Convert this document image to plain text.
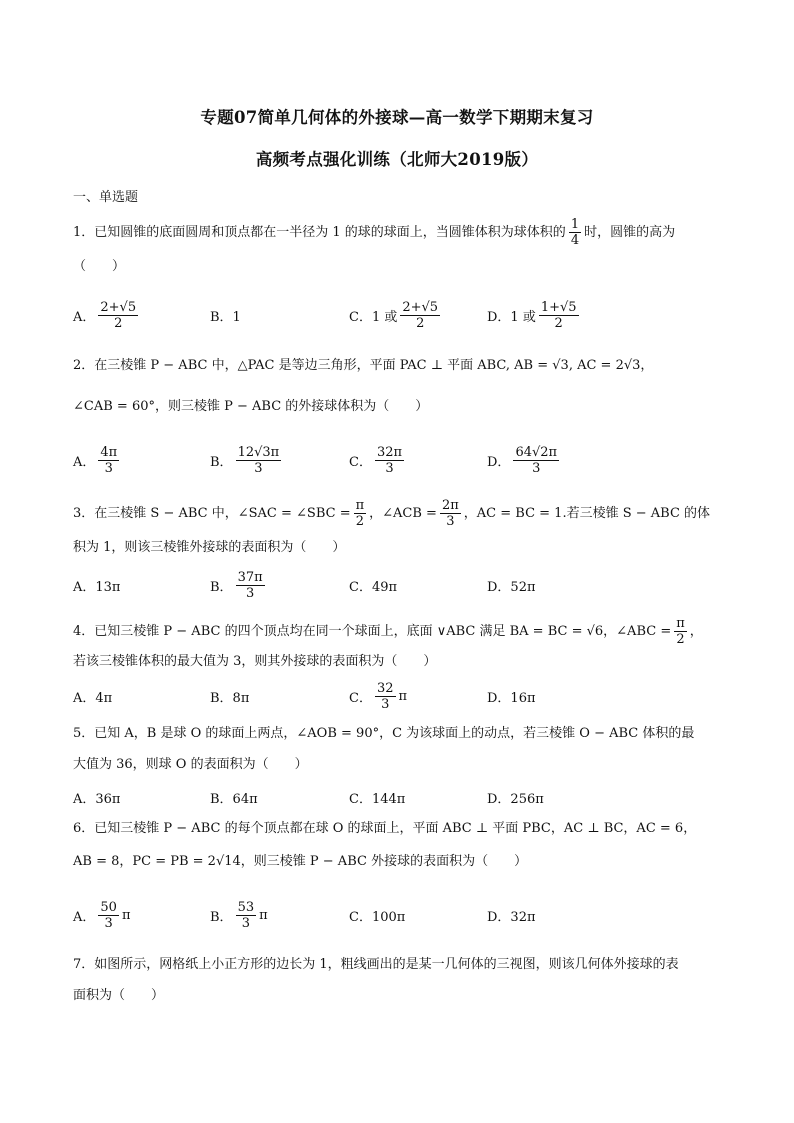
专题07简单几何体的外接球—高一数学下期期末复习
高频考点强化训练（北师大2019版）
一、单选题
1．已知圆锥的底面圆周和顶点都在一半径为 1 的球的球面上，当圆锥体积为球体积的 $\frac{1}{4}$ 时，圆锥的高为
（　　）
A． $\frac{2+√5}{2}$	B．1	C．1 或 $\frac{2+√5}{2}$	D．1 或 $\frac{1+√5}{2}$
2．在三棱锥 P − ABC 中，△PAC 是等边三角形，平面 PAC ⊥ 平面 ABC, AB = √3, AC = 2√3，
∠CAB = 60°，则三棱锥 P − ABC 的外接球体积为（　　）
A． $\frac{4\pi}{3}$	B． $\frac{12√3\pi}{3}$	C． $\frac{32\pi}{3}$	D． $\frac{64√2\pi}{3}$
3．在三棱锥 S − ABC 中，∠SAC = ∠SBC = $\frac{\pi}{2}$ ，∠ACB = $\frac{2\pi}{3}$ ，AC = BC = 1.若三棱锥 S − ABC 的体
积为 1，则该三棱锥外接球的表面积为（　　）
A．13π	B． $\frac{37\pi}{3}$	C．49π	D．52π
4．已知三棱锥 P − ABC 的四个顶点均在同一个球面上，底面 ∨ABC 满足 BA = BC = √6，∠ABC = $\frac{\pi}{2}$ ，
若该三棱锥体积的最大值为 3，则其外接球的表面积为（　　）
A．4π	B．8π	C． $\frac{32}{3}$ π	D．16π
5．已知 A，B 是球 O 的球面上两点，∠AOB = 90°，C 为该球面上的动点，若三棱锥 O − ABC 体积的最
大值为 36，则球 O 的表面积为（　　）
A．36π	B．64π	C．144π	D．256π
6．已知三棱锥 P − ABC 的每个顶点都在球 O 的球面上，平面 ABC ⊥ 平面 PBC，AC ⊥ BC，AC = 6，
AB = 8，PC = PB = 2√14，则三棱锥 P − ABC 外接球的表面积为（　　）
A． $\frac{50}{3}$ π	B． $\frac{53}{3}$ π	C．100π	D．32π
7．如图所示，网格纸上小正方形的边长为 1，粗线画出的是某一几何体的三视图，则该几何体外接球的表
面积为（　　）
